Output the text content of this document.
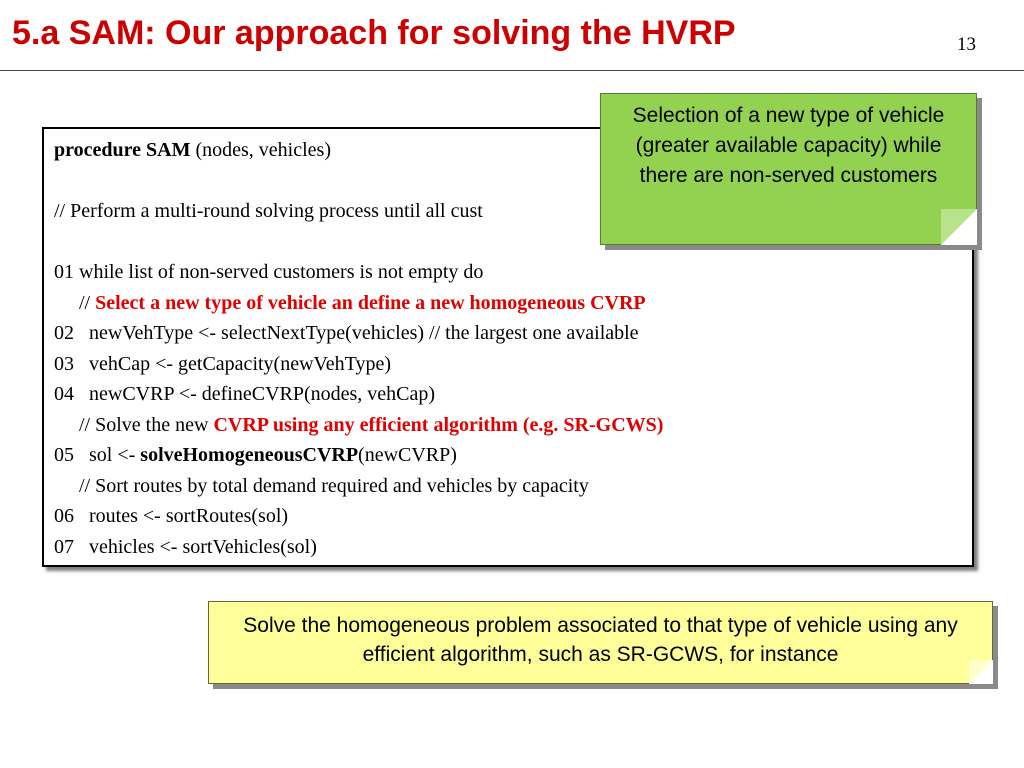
5.a SAM: Our approach for solving the HVRP	13
procedure SAM (nodes, vehicles)
// Perform a multi-round solving process until all cust
01 while list of non-served customers is not empty do
// Select a new type of vehicle an define a new homogeneous CVRP
02   newVehType <- selectNextType(vehicles) // the largest one available
03   vehCap <- getCapacity(newVehType)
04   newCVRP <- defineCVRP(nodes, vehCap)
// Solve the new CVRP using any efficient algorithm (e.g. SR-GCWS)
05   sol <- solveHomogeneousCVRP(newCVRP)
// Sort routes by total demand required and vehicles by capacity
06   routes <- sortRoutes(sol)
07   vehicles <- sortVehicles(sol)
Selection of a new type of vehicle (greater available capacity) while there are non-served customers
Solve the homogeneous problem associated to that type of vehicle using any efficient algorithm, such as SR-GCWS, for instance
